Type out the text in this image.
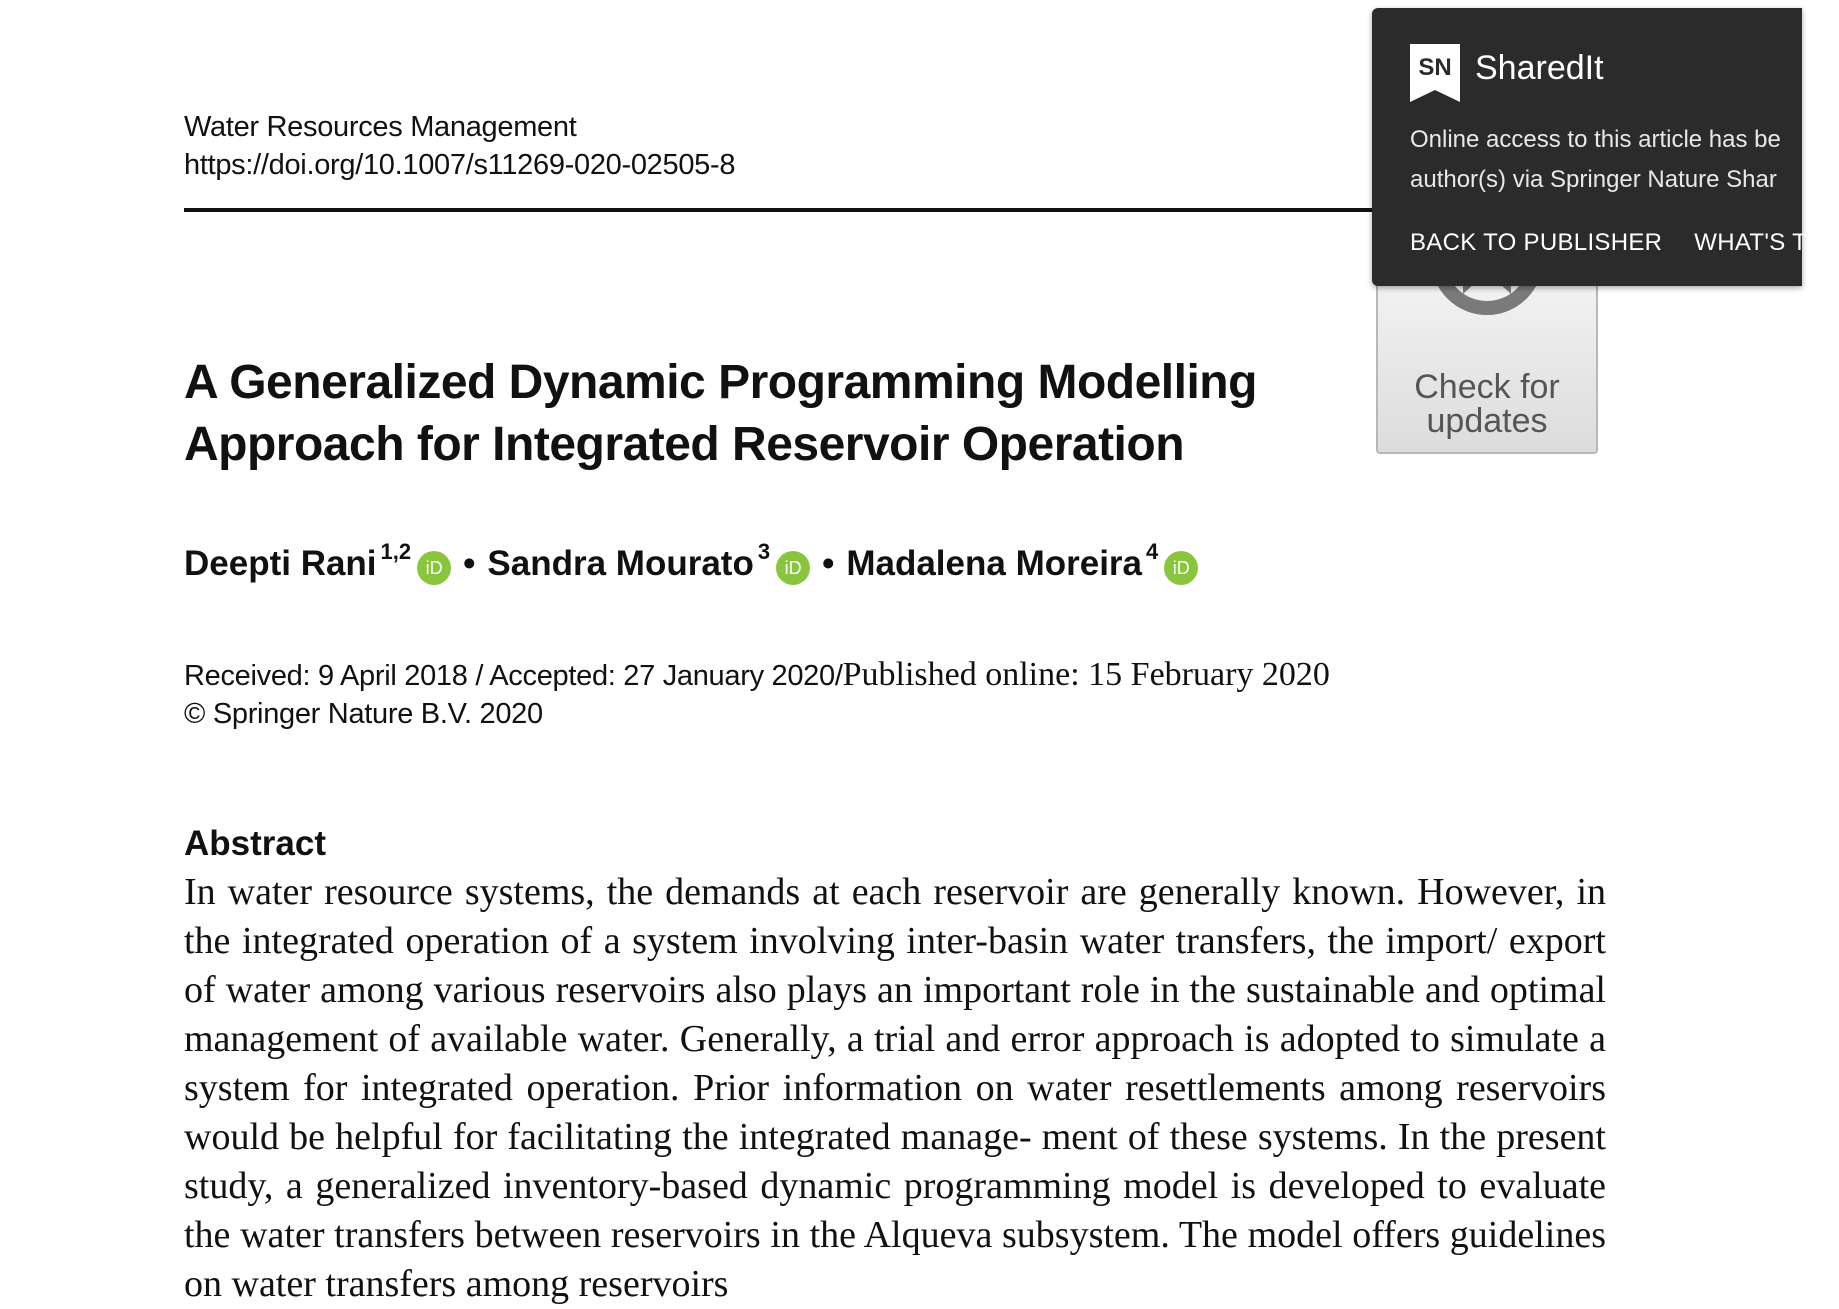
Water Resources Management
https://doi.org/10.1007/s11269-020-02505-8
A Generalized Dynamic Programming Modelling
Approach for Integrated Reservoir Operation
Deepti Rani$^{1,2}$
iD • Sandra Mourato$^3$
iD • Madalena Moreira$^4$
iD
Received: 9 April 2018 / Accepted: 27 January 2020/Published online: 15 February 2020
© Springer Nature B.V. 2020
Abstract
In water resource systems, the demands at each reservoir are generally known. However, in the integrated operation of a system involving inter-basin water transfers, the import/ export of water among various reservoirs also plays an important role in the sustainable and optimal management of available water. Generally, a trial and error approach is adopted to simulate a system for integrated operation. Prior information on water resettlements among reservoirs would be helpful for facilitating the integrated manage- ment of these systems. In the present study, a generalized inventory-based dynamic programming model is developed to evaluate the water transfers between reservoirs in the Alqueva subsystem. The model offers guidelines on water transfers among reservoirs
Check for
updates
SN SharedIt
Online access to this article has be
author(s) via Springer Nature Shar
BACK TO PUBLISHER WHAT'S T
